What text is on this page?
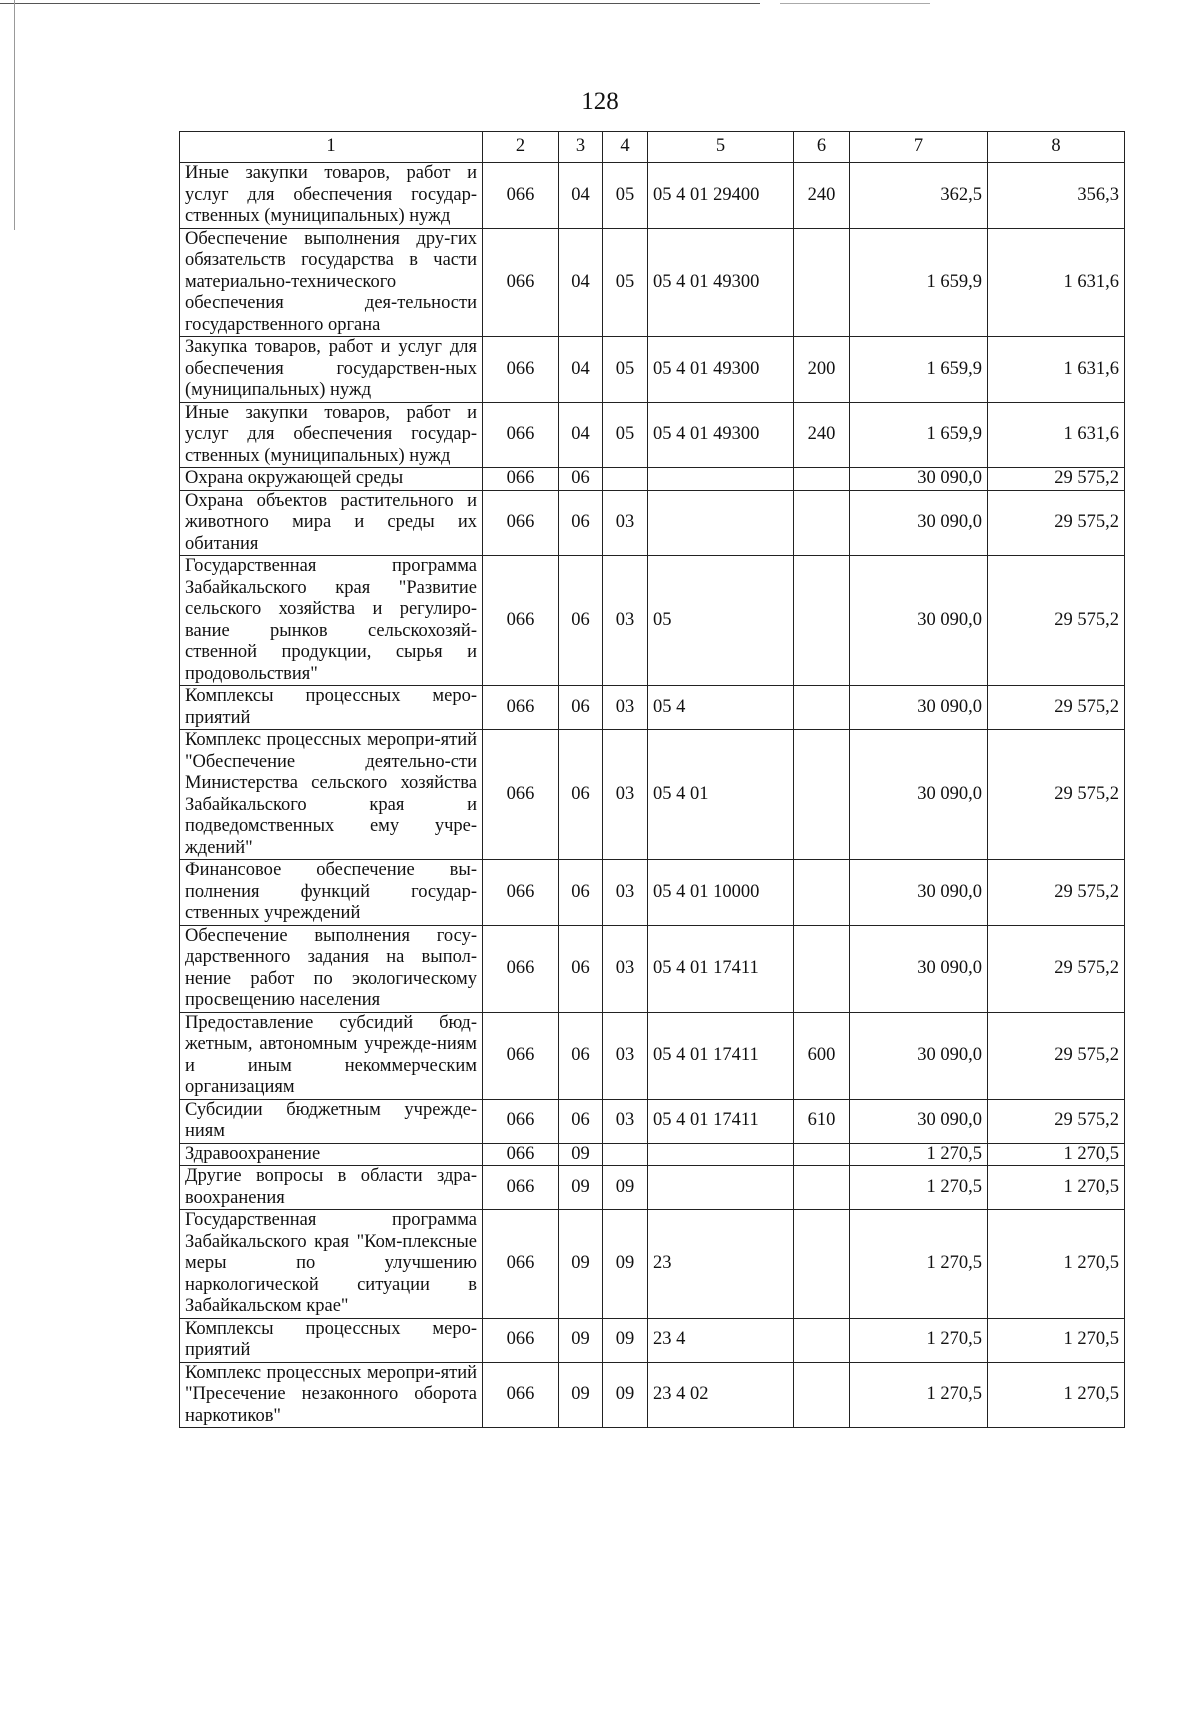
128
1	2	3	4	5	6	7	8
Иные закупки товаров, работ и услуг для обеспечения государ-ственных (муниципальных) нужд	066	04	05	05 4 01 29400	240	362,5	356,3
Обеспечение выполнения дру-гих обязательств государства в части материально-технического обеспечения дея-тельности государственного органа	066	04	05	05 4 01 49300		1 659,9	1 631,6
Закупка товаров, работ и услуг для обеспечения государствен-ных (муниципальных) нужд	066	04	05	05 4 01 49300	200	1 659,9	1 631,6
Иные закупки товаров, работ и услуг для обеспечения государ-ственных (муниципальных) нужд	066	04	05	05 4 01 49300	240	1 659,9	1 631,6
Охрана окружающей среды	066	06				30 090,0	29 575,2
Охрана объектов растительного и животного мира и среды их обитания	066	06	03			30 090,0	29 575,2
Государственная программа Забайкальского края "Развитие сельского хозяйства и регулиро-вание рынков сельскохозяй-ственной продукции, сырья и продовольствия"	066	06	03	05		30 090,0	29 575,2
Комплексы процессных меро-приятий	066	06	03	05 4		30 090,0	29 575,2
Комплекс процессных меропри-ятий "Обеспечение деятельно-сти Министерства сельского хозяйства Забайкальского края и подведомственных ему учре-ждений"	066	06	03	05 4 01		30 090,0	29 575,2
Финансовое обеспечение вы-полнения функций государ-ственных учреждений	066	06	03	05 4 01 10000		30 090,0	29 575,2
Обеспечение выполнения госу-дарственного задания на выпол-нение работ по экологическому просвещению населения	066	06	03	05 4 01 17411		30 090,0	29 575,2
Предоставление субсидий бюд-жетным, автономным учрежде-ниям и иным некоммерческим организациям	066	06	03	05 4 01 17411	600	30 090,0	29 575,2
Субсидии бюджетным учрежде-ниям	066	06	03	05 4 01 17411	610	30 090,0	29 575,2
Здравоохранение	066	09				1 270,5	1 270,5
Другие вопросы в области здра-воохранения	066	09	09			1 270,5	1 270,5
Государственная программа Забайкальского края "Ком-плексные меры по улучшению наркологической ситуации в Забайкальском крае"	066	09	09	23		1 270,5	1 270,5
Комплексы процессных меро-приятий	066	09	09	23 4		1 270,5	1 270,5
Комплекс процессных меропри-ятий "Пресечение незаконного оборота наркотиков"	066	09	09	23 4 02		1 270,5	1 270,5
